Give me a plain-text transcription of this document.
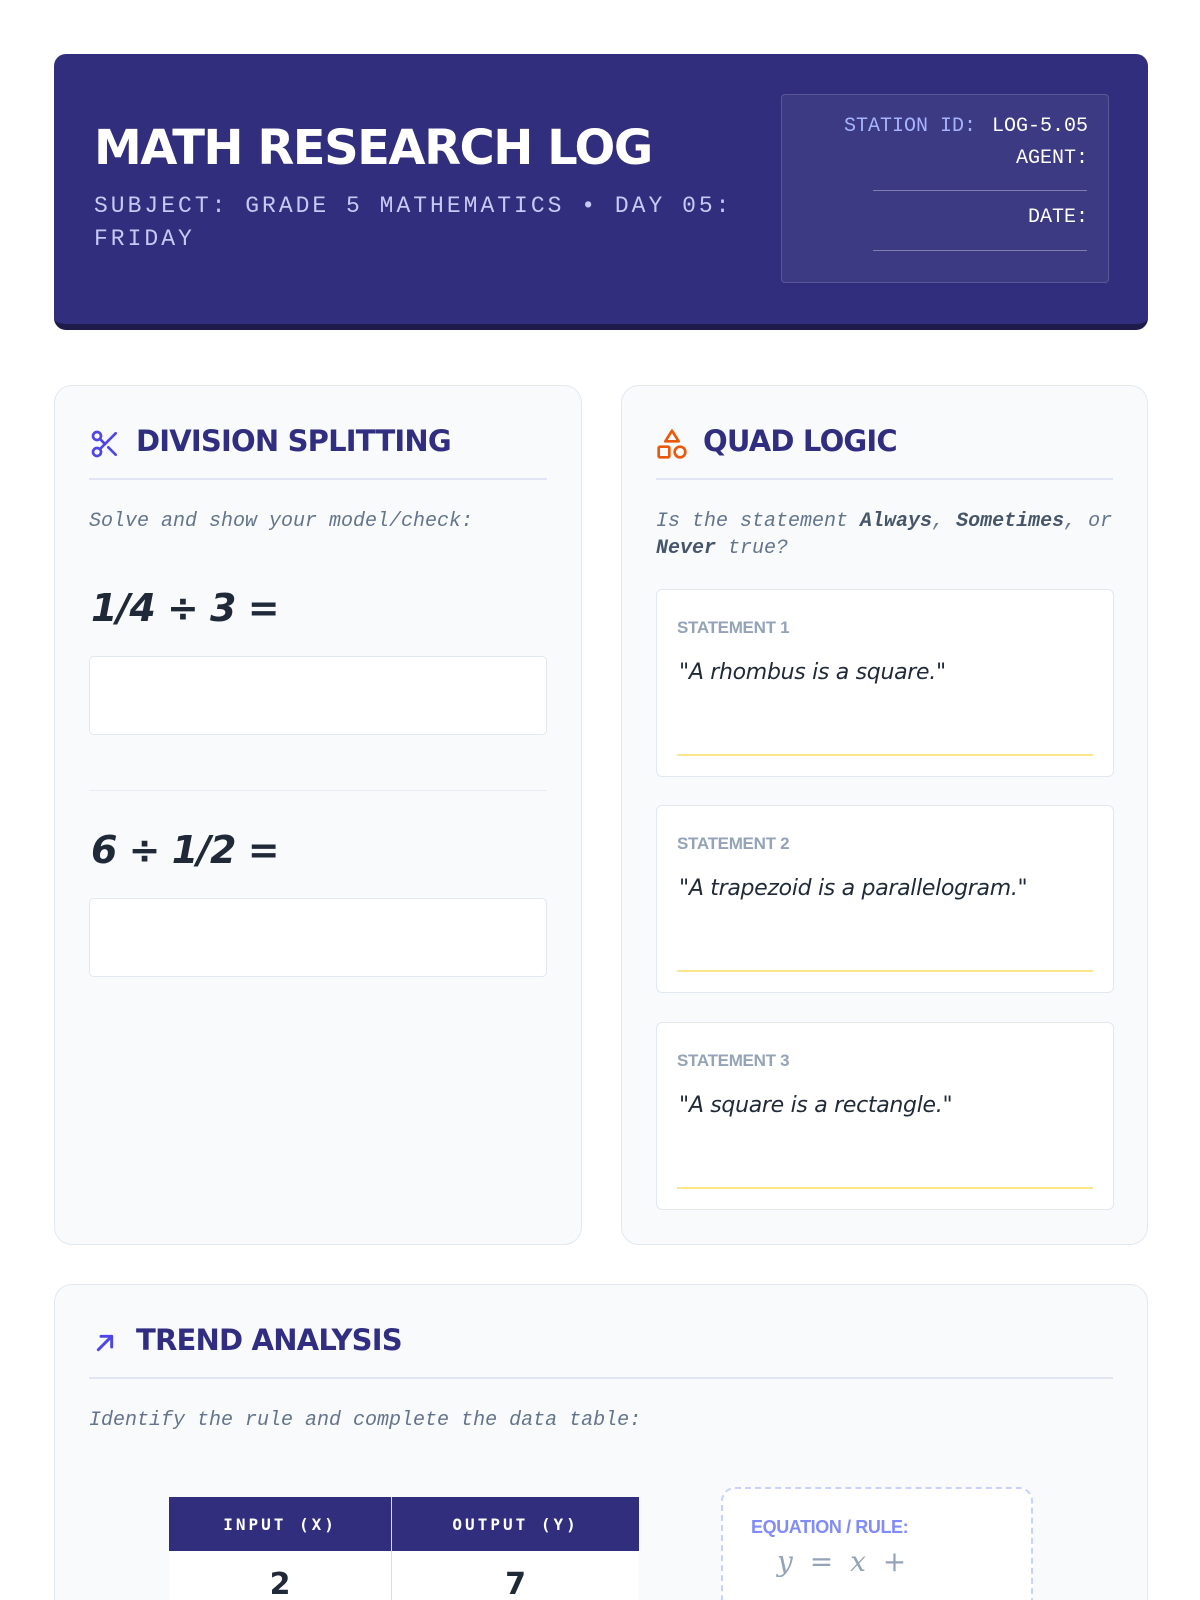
MATH RESEARCH LOG
SUBJECT: GRADE 5 MATHEMATICS • DAY 05: FRIDAY
STATION ID: LOG-5.05
AGENT:
DATE:
DIVISION SPLITTING
Solve and show your model/check:
1/4 ÷ 3 =
6 ÷ 1/2 =
QUAD LOGIC
Is the statement Always, Sometimes, or Never true?
STATEMENT 1
"A rhombus is a square."
STATEMENT 2
"A trapezoid is a parallelogram."
STATEMENT 3
"A square is a rectangle."
TREND ANALYSIS
Identify the rule and complete the data table:
INPUT (X)	OUTPUT (Y)
2	7
EQUATION / RULE:
y = x +
